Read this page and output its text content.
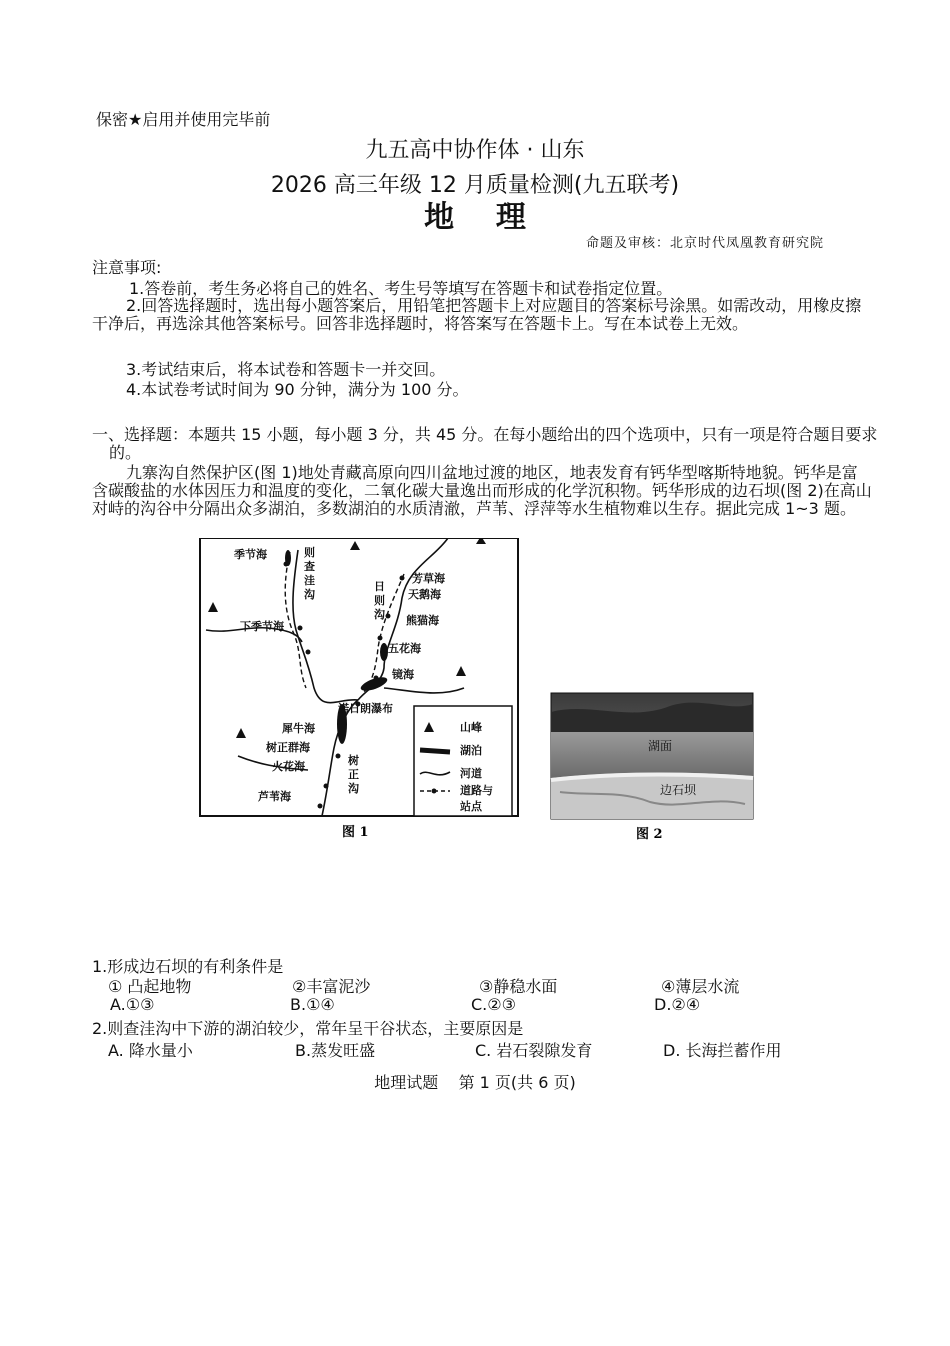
保密★启用并使用完毕前
九五高中协作体 · 山东
2026 高三年级 12 月质量检测(九五联考)
地    理
命题及审核：北京时代凤凰教育研究院
注意事项:
1.答卷前，考生务必将自己的姓名、考生号等填写在答题卡和试卷指定位置。
2.回答选择题时，选出每小题答案后，用铅笔把答题卡上对应题目的答案标号涂黑。如需改动，用橡皮擦干净后，再选涂其他答案标号。回答非选择题时，将答案写在答题卡上。写在本试卷上无效。
3.考试结束后，将本试卷和答题卡一并交回。
4.本试卷考试时间为 90 分钟，满分为 100 分。
一、选择题：本题共 15 小题，每小题 3 分，共 45 分。在每小题给出的四个选项中，只有一项是符合题目要求的。
九寨沟自然保护区(图 1)地处青藏高原向四川盆地过渡的地区，地表发育有钙华型喀斯特地貌。钙华是富含碳酸盐的水体因压力和温度的变化，二氧化碳大量逸出而形成的化学沉积物。钙华形成的边石坝(图 2)在高山对峙的沟谷中分隔出众多湖泊，多数湖泊的水质清澈，芦苇、浮萍等水生植物难以生存。据此完成 1~3 题。
季节海	则
查
洼
沟
下季节海
日
则
沟
芳草海
天鹅海
熊猫海
五花海
镜海
诺日朗瀑布
犀牛海
树正群海
火花海	树
正
沟
芦苇海
山峰
湖泊
河道
道路与
站点
图 1
湖面
边石坝
图 2
1.形成边石坝的有利条件是
① 凸起地物	②丰富泥沙	③静稳水面	④薄层水流
A.①③	B.①④	C.②③	D.②④
2.则查洼沟中下游的湖泊较少，常年呈干谷状态，主要原因是
A. 降水量小	B.蒸发旺盛	C. 岩石裂隙发育	D. 长海拦蓄作用
地理试题    第 1 页(共 6 页)
